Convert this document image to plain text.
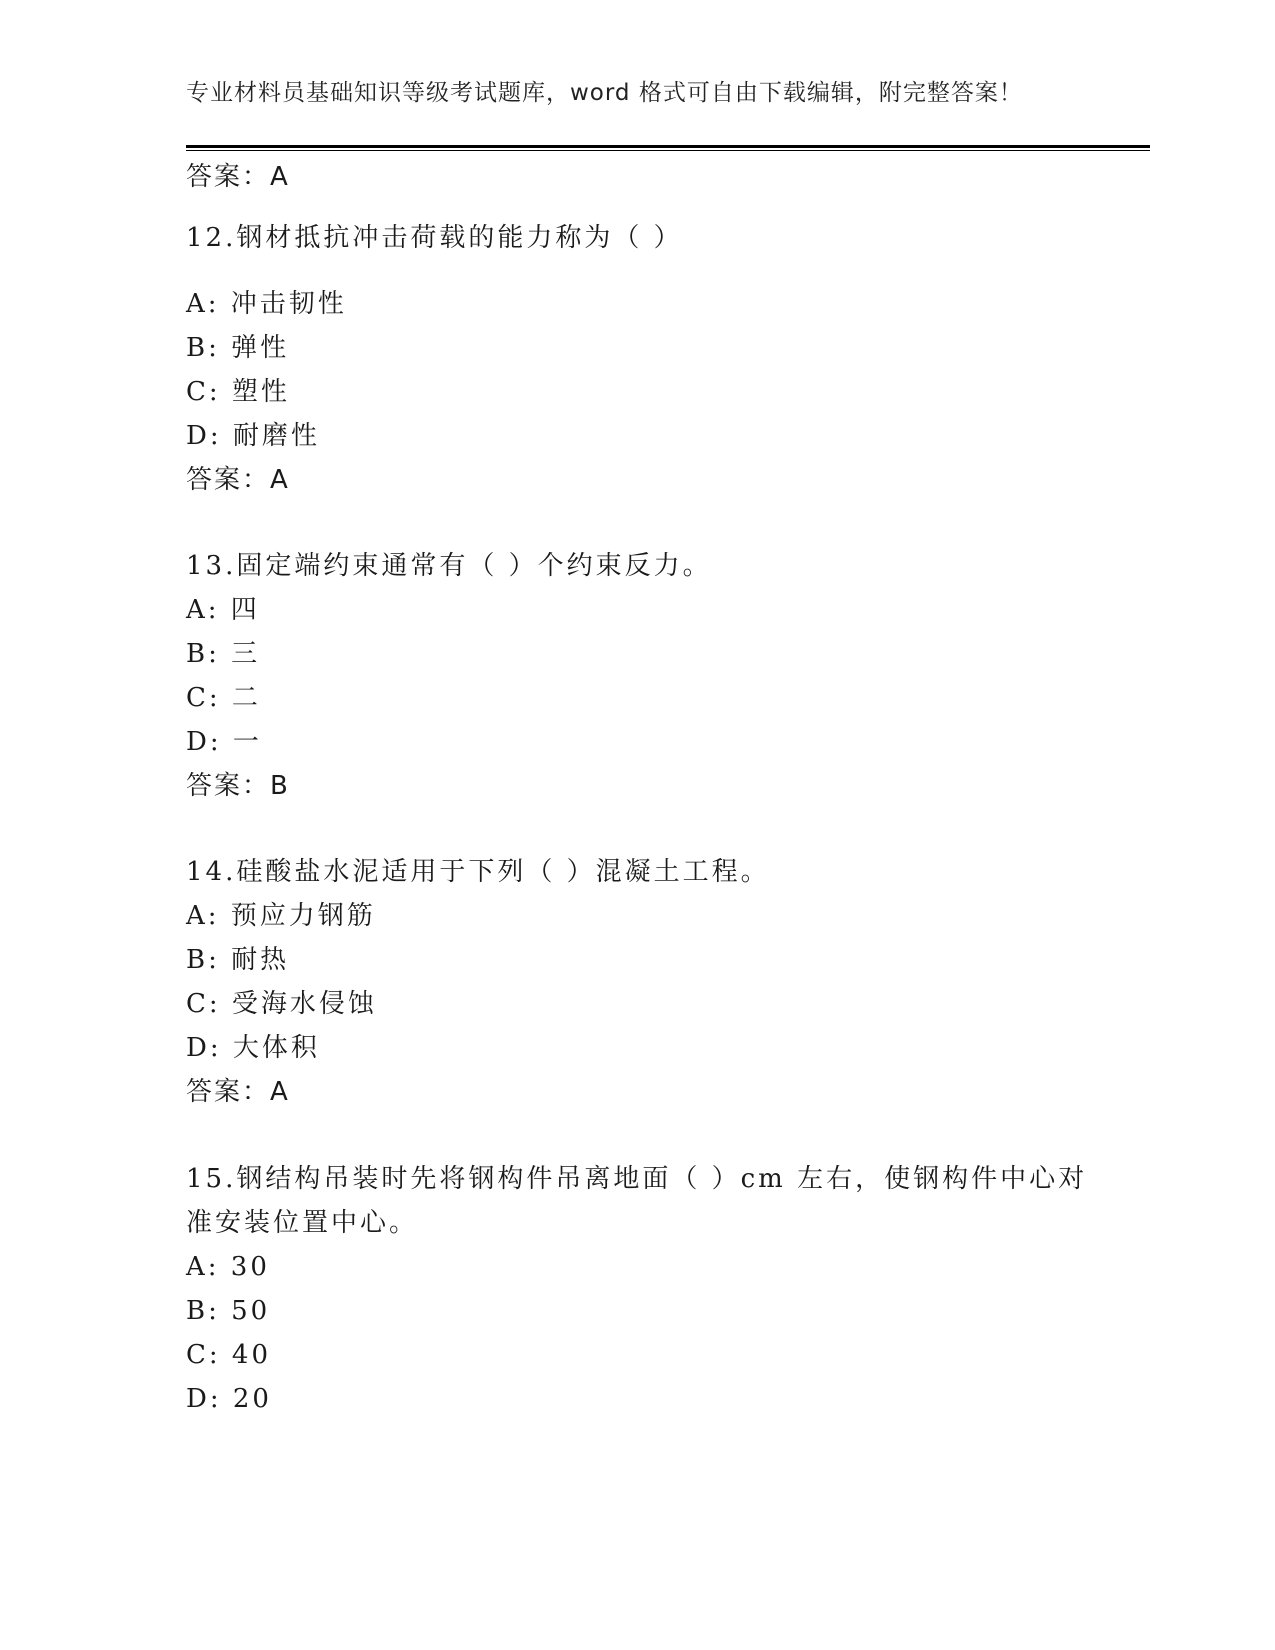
专业材料员基础知识等级考试题库，word 格式可自由下载编辑，附完整答案！
答案：A
12.钢材抵抗冲击荷载的能力称为（ ）
A: 冲击韧性
B: 弹性
C: 塑性
D: 耐磨性
答案：A
13.固定端约束通常有（ ）个约束反力。
A: 四
B: 三
C: 二
D: 一
答案：B
14.硅酸盐水泥适用于下列（ ）混凝土工程。
A: 预应力钢筋
B: 耐热
C: 受海水侵蚀
D: 大体积
答案：A
15.钢结构吊装时先将钢构件吊离地面（ ）cm 左右，使钢构件中心对
准安装位置中心。
A: 30
B: 50
C: 40
D: 20
